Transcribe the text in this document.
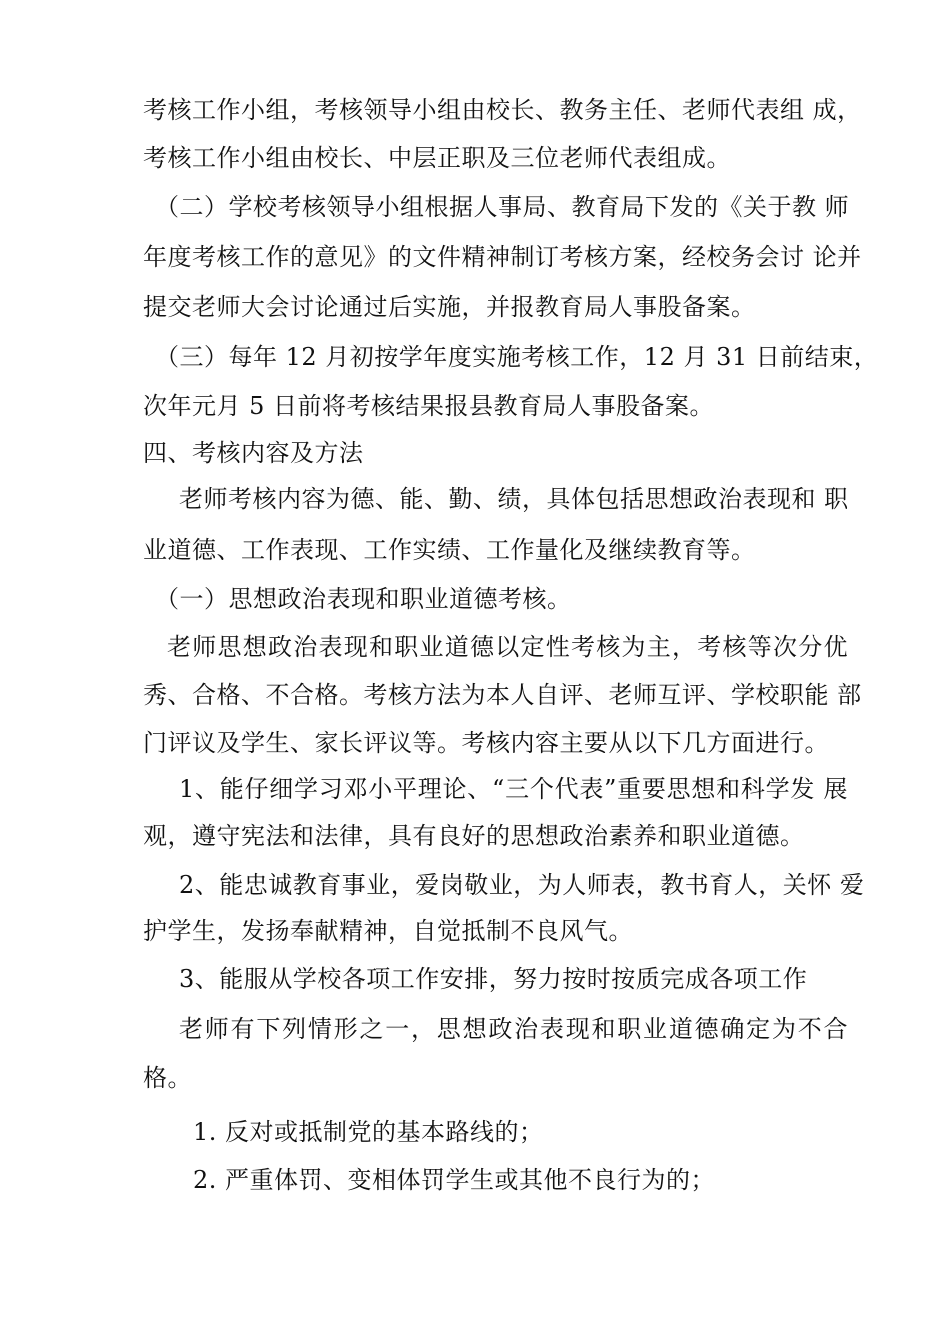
考核工作小组，考核领导小组由校长、教务主任、老师代表组 成，
考核工作小组由校长、中层正职及三位老师代表组成。
（二）学校考核领导小组根据人事局、教育局下发的《关于教 师
年度考核工作的意见》的文件精神制订考核方案，经校务会讨 论并
提交老师大会讨论通过后实施，并报教育局人事股备案。
（三）每年 12 月初按学年度实施考核工作，12 月 31 日前结束，
次年元月 5 日前将考核结果报县教育局人事股备案。
四、考核内容及方法
老师考核内容为德、能、勤、绩，具体包括思想政治表现和 职
业道德、工作表现、工作实绩、工作量化及继续教育等。
（一）思想政治表现和职业道德考核。
老师思想政治表现和职业道德以定性考核为主，考核等次分优
秀、合格、不合格。考核方法为本人自评、老师互评、学校职能 部
门评议及学生、家长评议等。考核内容主要从以下几方面进行。
1、能仔细学习邓小平理论、“三个代表”重要思想和科学发 展
观，遵守宪法和法律，具有良好的思想政治素养和职业道德。
2、能忠诚教育事业，爱岗敬业，为人师表，教书育人，关怀 爱
护学生，发扬奉献精神，自觉抵制不良风气。
3、能服从学校各项工作安排，努力按时按质完成各项工作
老师有下列情形之一，思想政治表现和职业道德确定为不合
格。
1. 反对或抵制党的基本路线的；
2. 严重体罚、变相体罚学生或其他不良行为的；
